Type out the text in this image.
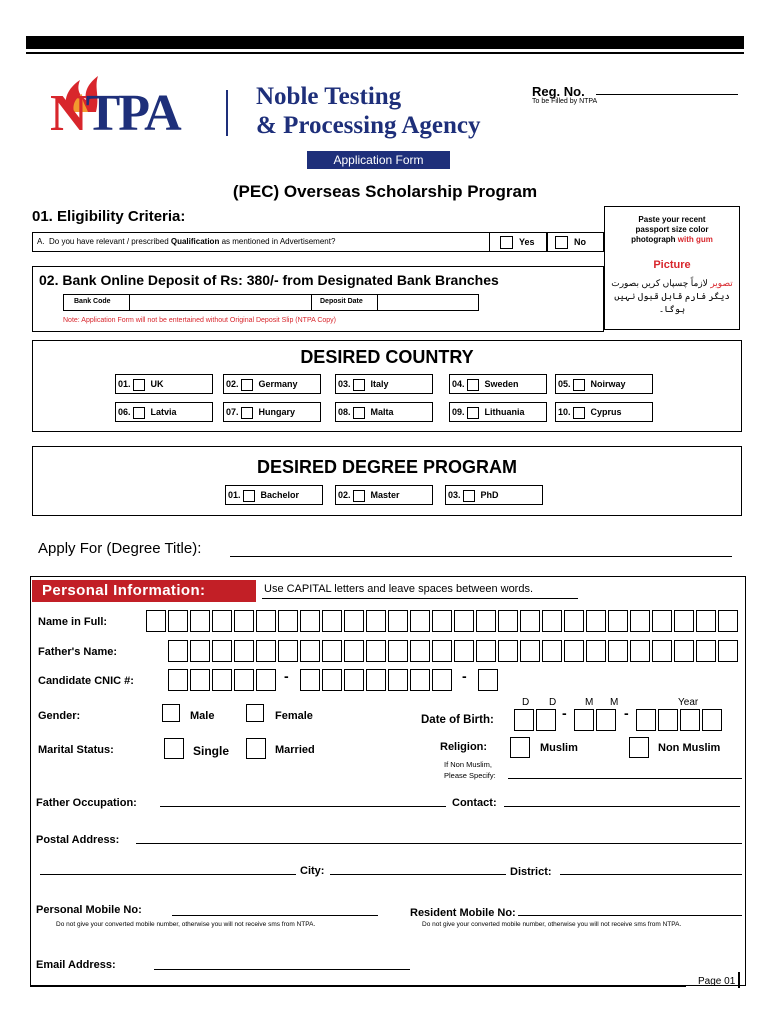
NTPA	Noble Testing
& Processing Agency
Reg. No.
To be Filled by NTPA
Application Form
(PEC) Overseas Scholarship Program
01. Eligibility Criteria:	Paste your recent
passport size color
photograph with gum
Picture
تصویر لازماً چسپاں کریں بصورت
دیگر فارم قابل قبول نہیں ہوگا۔
A. Do you have relevant / prescribed Qualification as mentioned in Advertisement?	Yes	No
02. Bank Online Deposit of Rs: 380/- from Designated Bank Branches
Bank Code	Deposit Date
Note: Application Form will not be entertained without Original Deposit Slip (NTPA Copy)
DESIRED COUNTRY
01. UK	02. Germany	03. Italy	04. Sweden	05. Noirway
06. Latvia	07. Hungary	08. Malta	09. Lithuania	10. Cyprus
DESIRED DEGREE PROGRAM
01. Bachelor	02. Master	03. PhD
Apply For (Degree Title):
Personal Information:	Use CAPITAL letters and leave spaces between words.
Name in Full:
Father's Name:
Candidate CNIC #:	-	-
Gender:	Male	Female
D D	M M	Year
Date of Birth:	-	-
Marital Status:	Single	Married	Religion:	Muslim	Non Muslim
If Non Muslim,
Please Specify:
Father Occupation:	Contact:
Postal Address:
City:	District:
Personal Mobile No:
Do not give your converted mobile number, otherwise you will not receive sms from NTPA.
Resident Mobile No:
Do not give your converted mobile number, otherwise you will not receive sms from NTPA.
Email Address:
Page 01
